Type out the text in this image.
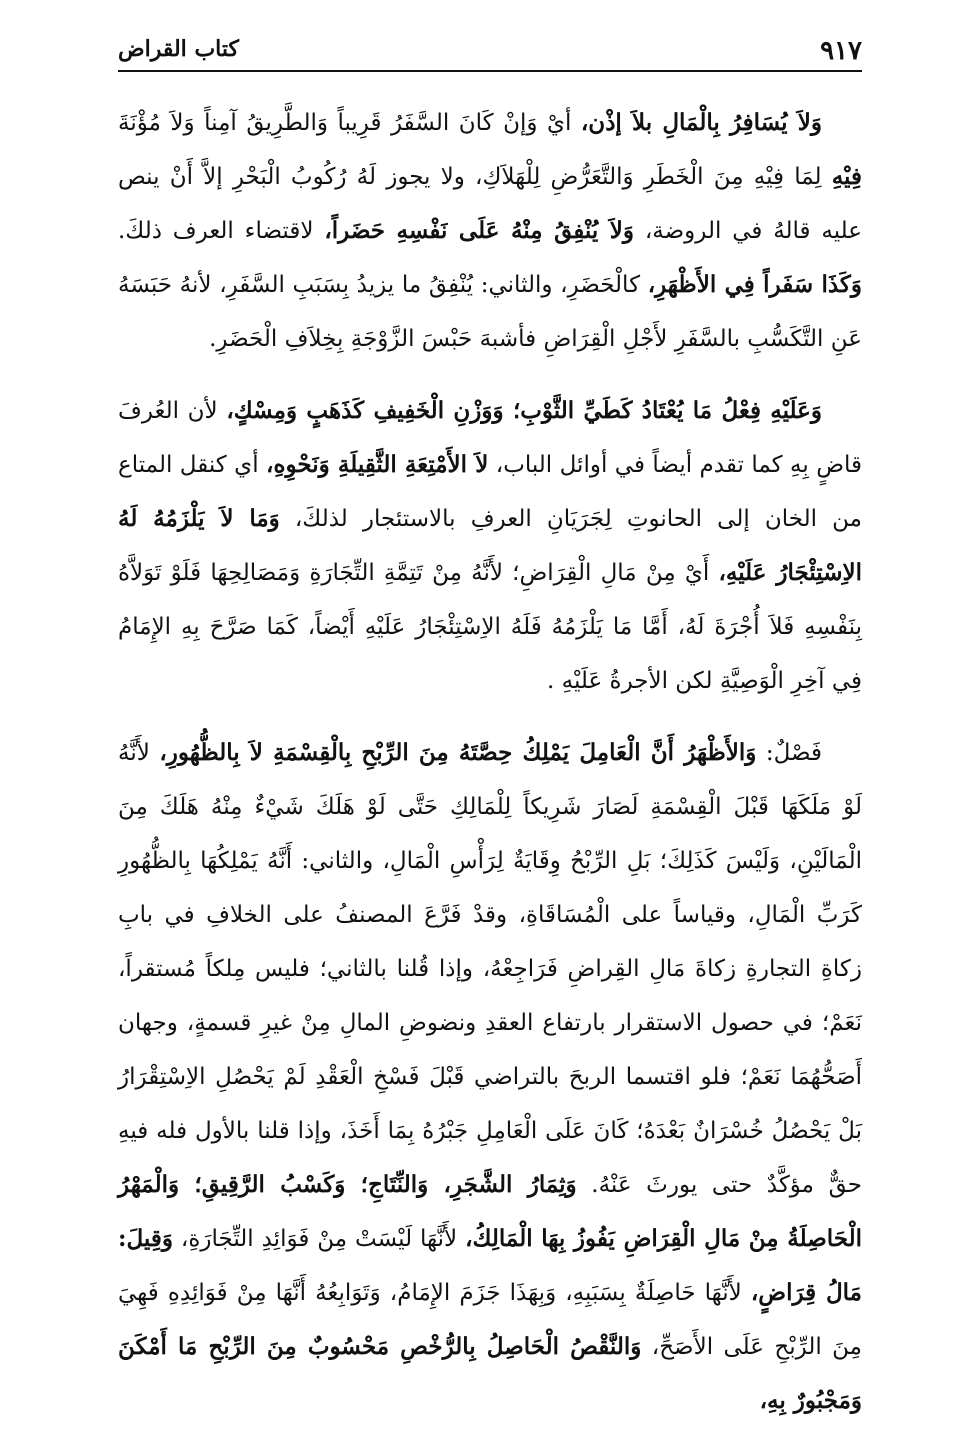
٩١٧
كتاب القراض

وَلاَ يُسَافِرُ بِالْمَالِ بلاَ إذْن، أيْ وَإنْ كَانَ السَّفَرُ قَرِيباً وَالطَّرِيقُ آمِناً وَلاَ مُؤْنَةَ فِيْهِ لِمَا فِيْهِ مِنَ الْخَطَرِ وَالتَّعَرُّضِ لِلْهَلاَكِ، ولا يجوز لَهُ رُكُوبُ الْبَحْرِ إلاَّ أَنْ ينص عليه قالهُ في الروضة، وَلاَ يُنْفِقُ مِنْهُ عَلَى نَفْسِهِ حَضَراً، لاقتضاء العرف ذلكَ. وَكَذَا سَفَراً فِي الأَظْهَرِ، كالْحَضَرِ، والثاني: يُنْفِقُ ما يزيدُ بِسَبَبِ السَّفَرِ، لأنهُ حَبَسَهُ عَنِ التَّكَسُّبِ بالسَّفَرِ لأَجْلِ الْقِرَاضِ فأشبهَ حَبْسَ الزَّوْجَةِ بِخِلاَفِ الْحَضَرِ.

وَعَلَيْهِ فِعْلُ مَا يُعْتَادُ كَطَيِّ الثَّوْبِ؛ وَوَزْنِ الْخَفِيفِ كَذَهَبٍ وَمِسْكٍ، لأن العُرفَ قاضٍ بِهِ كما تقدم أيضاً في أوائل الباب، لاَ الأَمْتِعَةِ الثَّقِيلَةِ وَنَحْوِهِ، أي كنقل المتاع من الخان إلى الحانوتِ لِجَرَيَانِ العرفِ بالاستئجار لذلكَ، وَمَا لاَ يَلْزَمُهُ لَهُ الاِسْتِئْجَارُ عَلَيْهِ، أَيْ مِنْ مَالِ الْقِرَاضِ؛ لأَنَّهُ مِنْ تَتِمَّةِ التِّجَارَةِ وَمَصَالِحِهَا فَلَوْ تَوَلاَّهُ بِنَفْسِهِ فَلاَ أُجْرَةَ لَهُ، أَمَّا مَا يَلْزَمُهُ فَلَهُ الاِسْتِئْجَارُ عَلَيْهِ أَيْضاً، كَمَا صَرَّحَ بِهِ الإِمَامُ فِي آخِرِ الْوَصِيَّةِ لكن الأجرةُ عَلَيْهِ .

فَصْلٌ: وَالأَظْهَرُ أَنَّ الْعَامِلَ يَمْلِكُ حِصَّتَهُ مِنَ الرِّبْحِ بِالْقِسْمَةِ لاَ بِالظُّهُورِ، لأَنَّهُ لَوْ مَلَكَهَا قَبْلَ الْقِسْمَةِ لَصَارَ شَرِيكاً لِلْمَالِكِ حَتَّى لَوْ هَلَكَ شَيْءٌ مِنْهُ هَلَكَ مِنَ الْمَالَيْنِ، وَلَيْسَ كَذَلِكَ؛ بَلِ الرِّبْحُ وِقَايَةٌ لِرَأْسِ الْمَالِ، والثاني: أَنَّهُ يَمْلِكُهَا بِالظُّهُورِ كَرَبِّ الْمَالِ، وقياساً على الْمُسَاقَاةِ، وقدْ فَرَّعَ المصنفُ على الخلافِ في بابِ زكاةِ التجارةِ زكاةَ مَالِ القِراضِ فَرَاجِعْهُ، وإذا قُلنا بالثاني؛ فليس مِلكاً مُستقراً، نَعَمْ؛ في حصول الاستقرار بارتفاع العقدِ ونضوضِ المالِ مِنْ غيرِ قسمةٍ، وجهان أَصَحُّهُمَا نَعَمْ؛ فلو اقتسما الربحَ بالتراضي قَبْلَ فَسْخِ الْعَقْدِ لَمْ يَحْصُلِ الاِسْتِقْرَارُ بَلْ يَحْصُلُ خُسْرَانٌ بَعْدَهُ؛ كَانَ عَلَى الْعَامِلِ جَبْرُهُ بِمَا أَخَذَ، وإذا قلنا بالأول فله فيهِ حقٌّ مؤكَّدٌ حتى يورثَ عَنْهُ. وَثِمَارُ الشَّجَرِ، وَالنِّتَاجِ؛ وَكَسْبُ الرَّقِيقِ؛ وَالْمَهْرُ الْحَاصِلَةُ مِنْ مَالِ الْقِرَاضِ يَفُوزُ بِهَا الْمَالِكُ، لأَنَّهَا لَيْسَتْ مِنْ فَوَائِدِ التِّجَارَةِ، وَقِيلَ: مَالُ قِرَاضٍ، لأَنَّهَا حَاصِلَةٌ بِسَبَبِهِ، وَبِهَذَا جَزَمَ الإِمَامُ، وَتَوَابِعُهُ أَنَّهَا مِنْ فَوَائِدِهِ فَهِيَ مِنَ الرِّبْحِ عَلَى الأَصَحِّ، وَالنَّقْصُ الْحَاصِلُ بِالرُّخْصِ مَحْسُوبٌ مِنَ الرِّبْحِ مَا أَمْكَنَ وَمَجْبُورٌ بِهِ،
